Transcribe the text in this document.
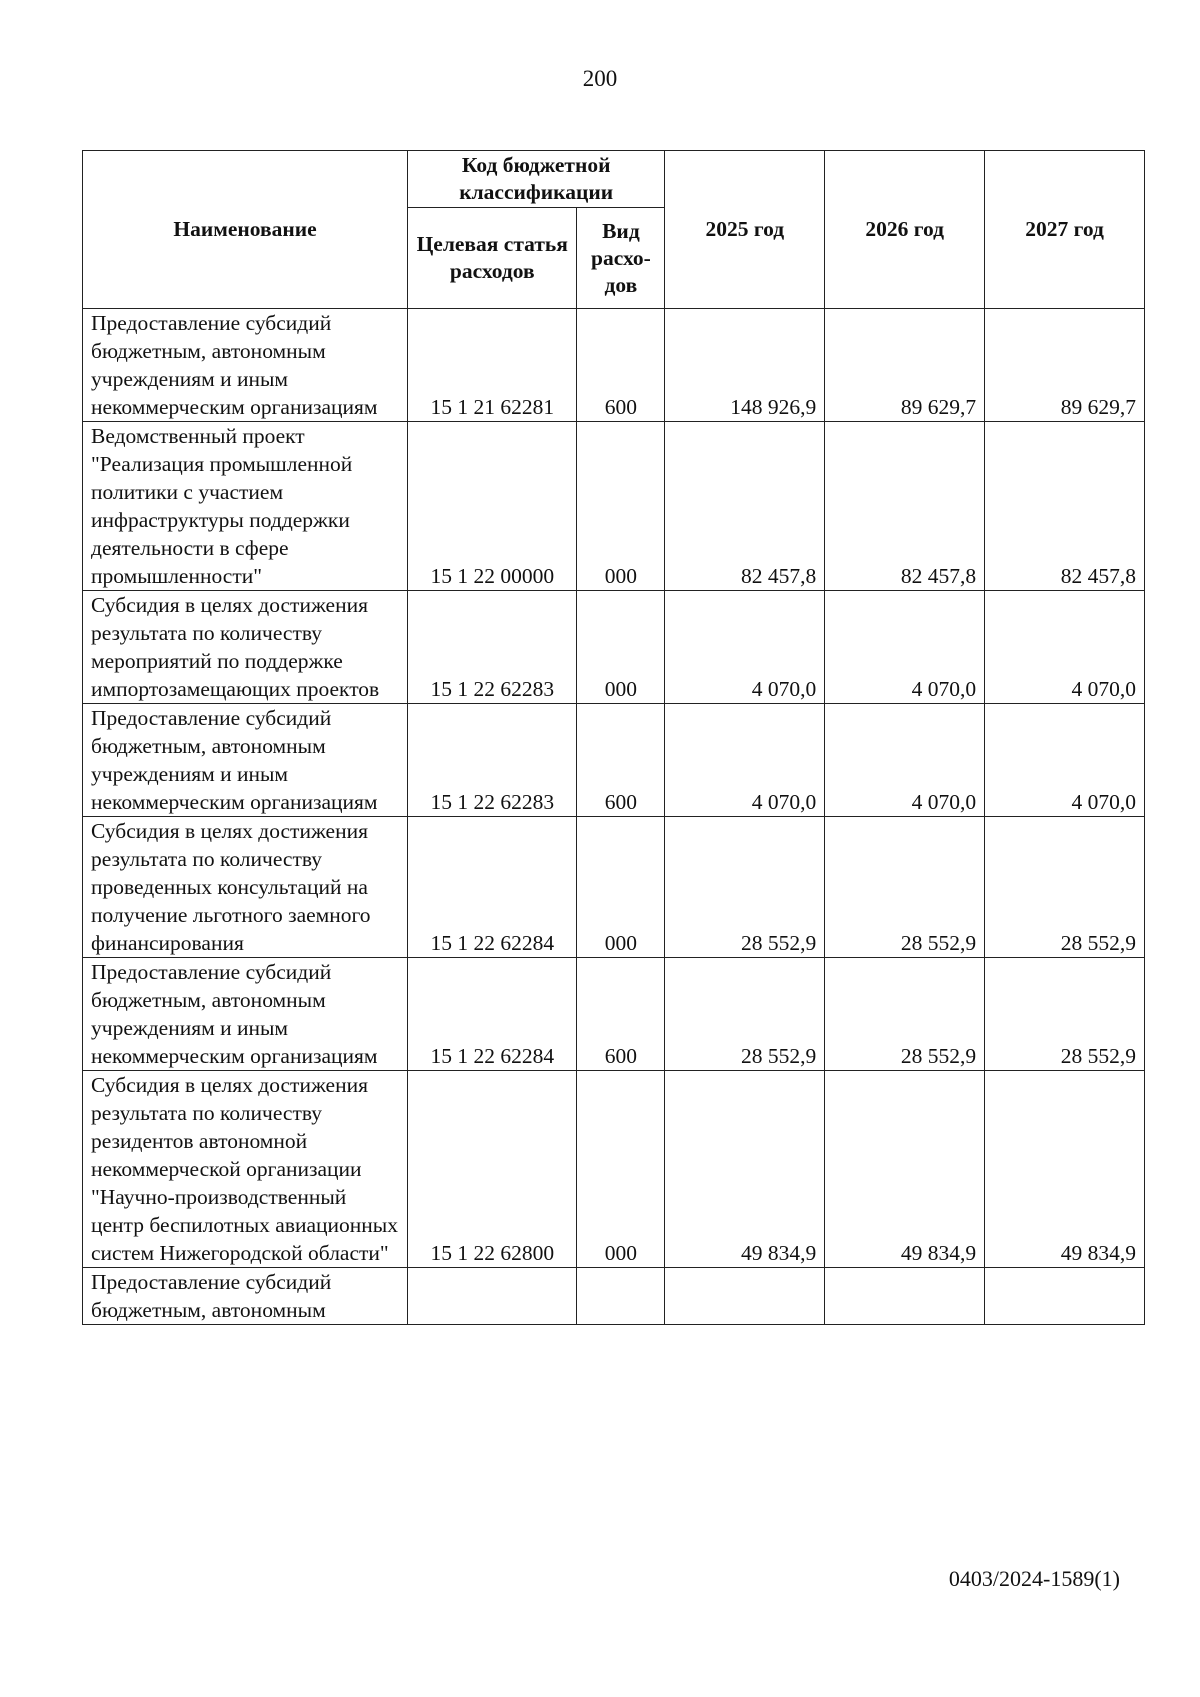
200
Наименование	Код бюджетной классификации		2025 год	2026 год	2027 год
	Целевая статья расходов	Вид расхо-дов			
Предоставление субсидий бюджетным, автономным учреждениям и иным некоммерческим организациям	15 1 21 62281	600	148 926,9	89 629,7	89 629,7
Ведомственный проект "Реализация промышленной политики с участием инфраструктуры поддержки деятельности в сфере промышленности"	15 1 22 00000	000	82 457,8	82 457,8	82 457,8
Субсидия в целях достижения результата по количеству мероприятий по поддержке импортозамещающих проектов	15 1 22 62283	000	4 070,0	4 070,0	4 070,0
Предоставление субсидий бюджетным, автономным учреждениям и иным некоммерческим организациям	15 1 22 62283	600	4 070,0	4 070,0	4 070,0
Субсидия в целях достижения результата по количеству проведенных консультаций на получение льготного заемного финансирования	15 1 22 62284	000	28 552,9	28 552,9	28 552,9
Предоставление субсидий бюджетным, автономным учреждениям и иным некоммерческим организациям	15 1 22 62284	600	28 552,9	28 552,9	28 552,9
Субсидия в целях достижения результата по количеству резидентов автономной некоммерческой организации "Научно-производственный центр беспилотных авиационных систем Нижегородской области"	15 1 22 62800	000	49 834,9	49 834,9	49 834,9
Предоставление субсидий бюджетным, автономным					
0403/2024-1589(1)
